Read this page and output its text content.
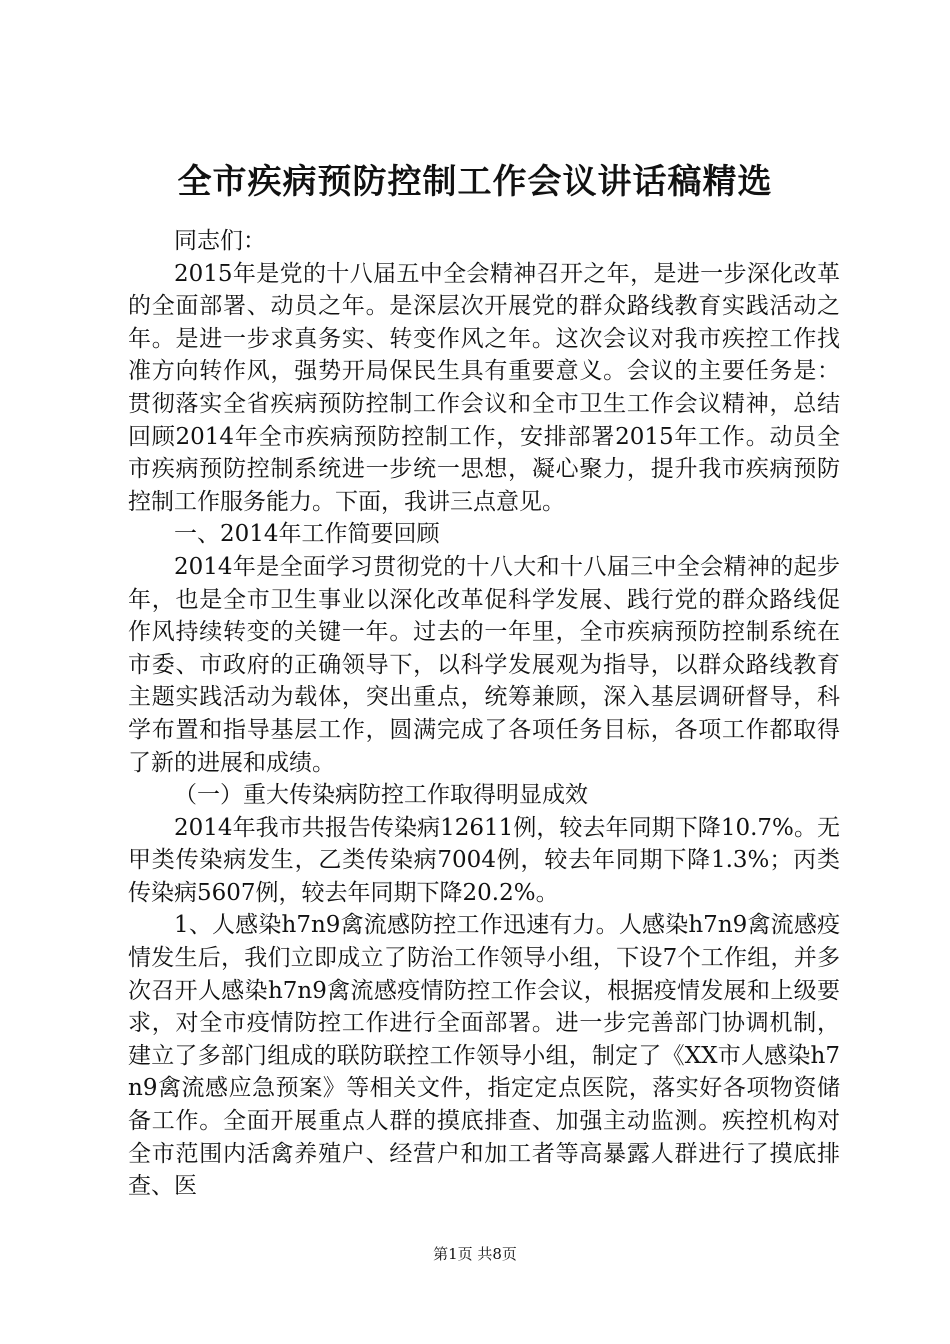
全市疾病预防控制工作会议讲话稿精选

同志们：

2015年是党的十八届五中全会精神召开之年，是进一步深化改革的全面部署、动员之年。是深层次开展党的群众路线教育实践活动之年。是进一步求真务实、转变作风之年。这次会议对我市疾控工作找准方向转作风，强势开局保民生具有重要意义。会议的主要任务是：贯彻落实全省疾病预防控制工作会议和全市卫生工作会议精神，总结回顾2014年全市疾病预防控制工作，安排部署2015年工作。动员全市疾病预防控制系统进一步统一思想，凝心聚力，提升我市疾病预防控制工作服务能力。下面，我讲三点意见。

一、2014年工作简要回顾

2014年是全面学习贯彻党的十八大和十八届三中全会精神的起步年，也是全市卫生事业以深化改革促科学发展、践行党的群众路线促作风持续转变的关键一年。过去的一年里，全市疾病预防控制系统在市委、市政府的正确领导下，以科学发展观为指导，以群众路线教育主题实践活动为载体，突出重点，统筹兼顾，深入基层调研督导，科学布置和指导基层工作，圆满完成了各项任务目标，各项工作都取得了新的进展和成绩。

（一）重大传染病防控工作取得明显成效

2014年我市共报告传染病12611例，较去年同期下降10.7%。无甲类传染病发生，乙类传染病7004例，较去年同期下降1.3%；丙类传染病5607例，较去年同期下降20.2%。

1、人感染h7n9禽流感防控工作迅速有力。人感染h7n9禽流感疫情发生后，我们立即成立了防治工作领导小组，下设7个工作组，并多次召开人感染h7n9禽流感疫情防控工作会议，根据疫情发展和上级要求，对全市疫情防控工作进行全面部署。进一步完善部门协调机制，建立了多部门组成的联防联控工作领导小组，制定了《XX市人感染h7n9禽流感应急预案》等相关文件，指定定点医院，落实好各项物资储备工作。全面开展重点人群的摸底排查、加强主动监测。疾控机构对全市范围内活禽养殖户、经营户和加工者等高暴露人群进行了摸底排查、医

第1页 共8页
